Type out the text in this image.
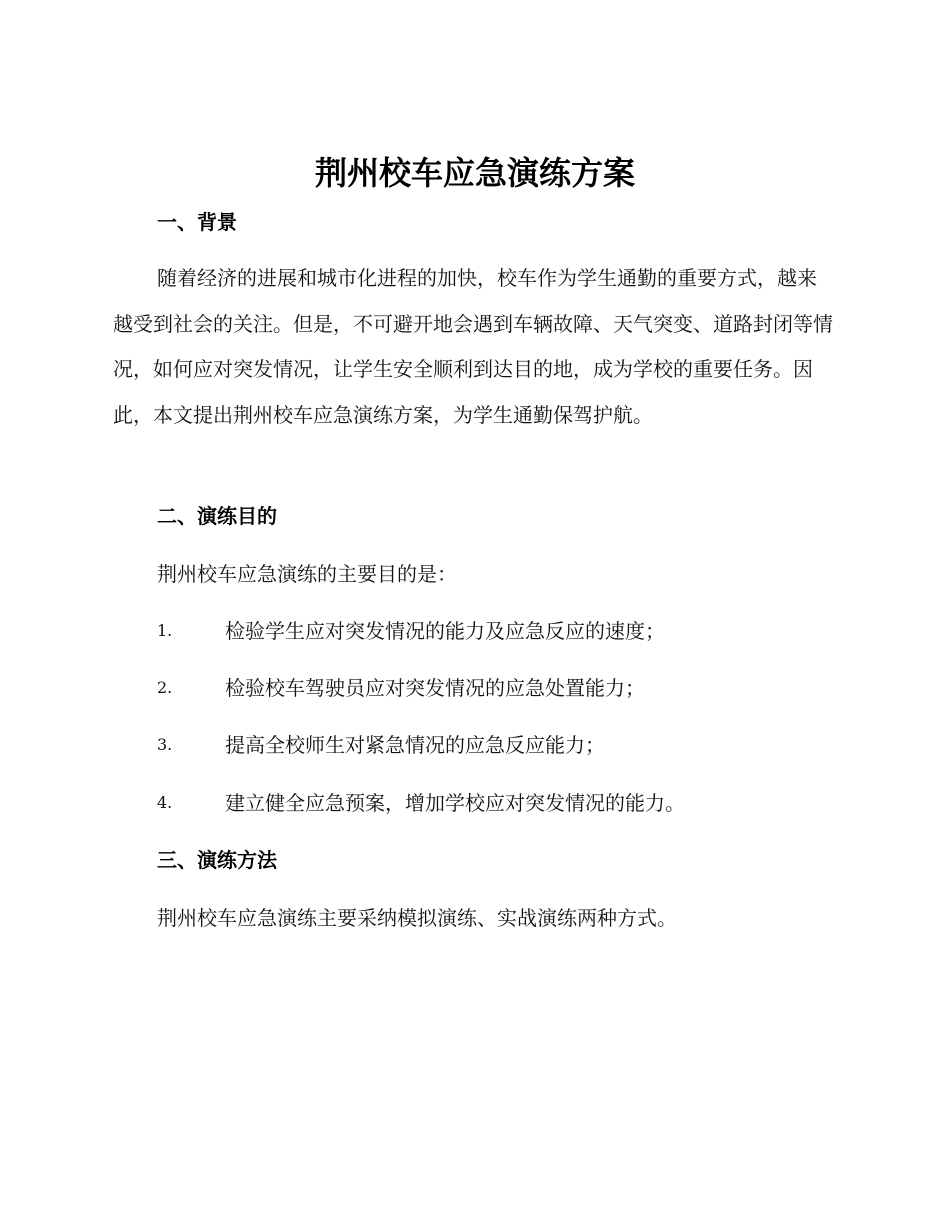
荆州校车应急演练方案
一、背景
随着经济的进展和城市化进程的加快，校车作为学生通勤的重要方式，越来越受到社会的关注。但是，不可避开地会遇到车辆故障、天气突变、道路封闭等情况，如何应对突发情况，让学生安全顺利到达目的地，成为学校的重要任务。因此，本文提出荆州校车应急演练方案，为学生通勤保驾护航。
二、演练目的
荆州校车应急演练的主要目的是：
1.	检验学生应对突发情况的能力及应急反应的速度；
2.	检验校车驾驶员应对突发情况的应急处置能力；
3.	提高全校师生对紧急情况的应急反应能力；
4.	建立健全应急预案，增加学校应对突发情况的能力。
三、演练方法
荆州校车应急演练主要采纳模拟演练、实战演练两种方式。
